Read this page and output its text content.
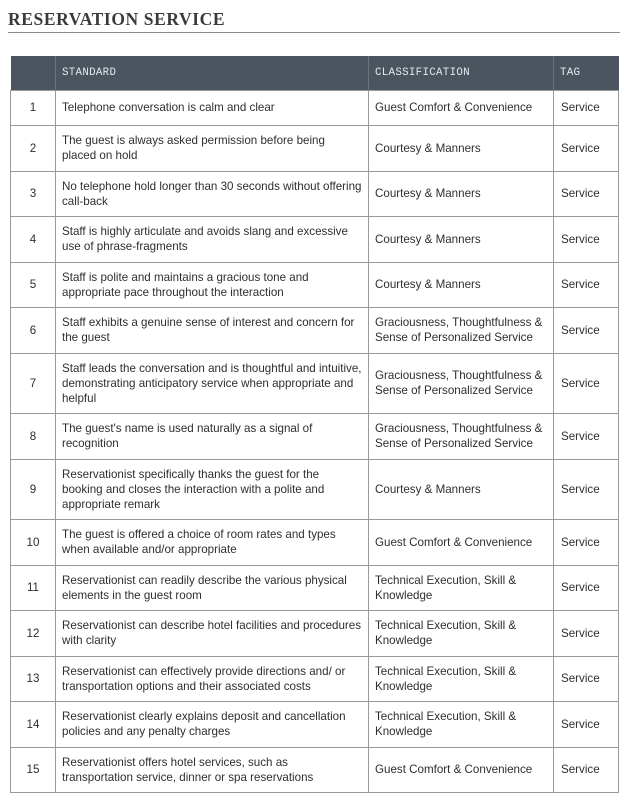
RESERVATION SERVICE
	STANDARD	CLASSIFICATION	TAG
1	Telephone conversation is calm and clear	Guest Comfort & Convenience	Service
2	The guest is always asked permission before being placed on hold	Courtesy & Manners	Service
3	No telephone hold longer than 30 seconds without offering call-back	Courtesy & Manners	Service
4	Staff is highly articulate and avoids slang and excessive use of phrase-fragments	Courtesy & Manners	Service
5	Staff is polite and maintains a gracious tone and appropriate pace throughout the interaction	Courtesy & Manners	Service
6	Staff exhibits a genuine sense of interest and concern for the guest	Graciousness, Thoughtfulness & Sense of Personalized Service	Service
7	Staff leads the conversation and is thoughtful and intuitive, demonstrating anticipatory service when appropriate and helpful	Graciousness, Thoughtfulness & Sense of Personalized Service	Service
8	The guest's name is used naturally as a signal of recognition	Graciousness, Thoughtfulness & Sense of Personalized Service	Service
9	Reservationist specifically thanks the guest for the booking and closes the interaction with a polite and appropriate remark	Courtesy & Manners	Service
10	The guest is offered a choice of room rates and types when available and/or appropriate	Guest Comfort & Convenience	Service
11	Reservationist can readily describe the various physical elements in the guest room	Technical Execution, Skill & Knowledge	Service
12	Reservationist can describe hotel facilities and procedures with clarity	Technical Execution, Skill & Knowledge	Service
13	Reservationist can effectively provide directions and/ or transportation options and their associated costs	Technical Execution, Skill & Knowledge	Service
14	Reservationist clearly explains deposit and cancellation policies and any penalty charges	Technical Execution, Skill & Knowledge	Service
15	Reservationist offers hotel services, such as transportation service, dinner or spa reservations	Guest Comfort & Convenience	Service
